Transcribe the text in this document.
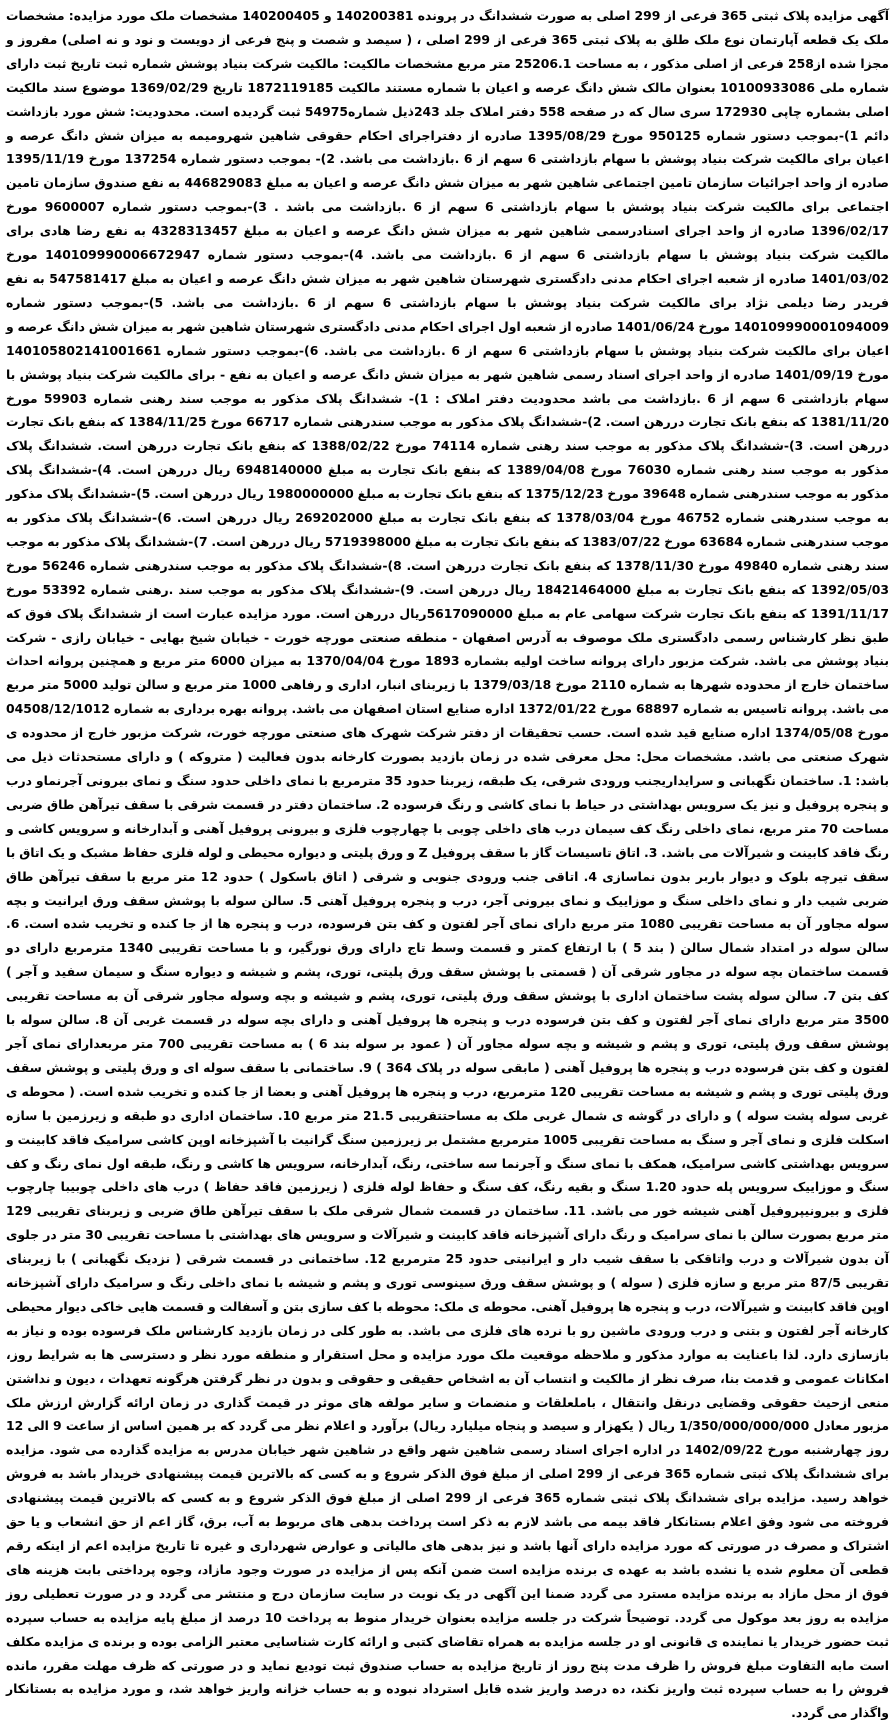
آگهی مزایده پلاک ثبتی 365 فرعی از 299 اصلی به صورت ششدانگ در پرونده 140200381 و 140200405 مشخصات ملک مورد مزایده: مشخصات ملک یک قطعه آپارتمان نوع ملک طلق به پلاک ثبتی 365 فرعی از 299 اصلی ، ( سیصد و شصت و پنج فرعی از دویست و نود و نه اصلی) مفروز و مجزا شده از258 فرعی از اصلی مذکور ، به مساحت 25206.1 متر مربع مشخصات مالکیت: مالکیت شرکت بنیاد پوشش شماره ثبت تاریخ ثبت دارای شماره ملی 10100933086 بعنوان مالک شش دانگ عرصه و اعیان با شماره مستند مالکیت 1872119185 تاریخ 1369/02/29 موضوع سند مالکیت اصلی بشماره چاپی 172930 سری سال که در صفحه 558 دفتر املاک جلد 243ذیل شماره54975 ثبت گردیده است. محدودیت: شش مورد بازداشت دائم 1)-بموجب دستور شماره 950125 مورخ 1395/08/29 صادره از دفتراجرای احکام حقوقی شاهین شهرومیمه به میزان شش دانگ عرصه و اعیان برای مالکیت شرکت بنیاد پوشش با سهام بازداشتی 6 سهم از 6 .بازداشت می باشد. 2)- بموجب دستور شماره 137254 مورخ 1395/11/19 صادره از واحد اجرائیات سازمان تامین اجتماعی شاهین شهر به میزان شش دانگ عرصه و اعیان به مبلغ 446829083 به نفع صندوق سازمان تامین اجتماعی برای مالکیت شرکت بنیاد پوشش با سهام بازداشتی 6 سهم از 6 .بازداشت می باشد . 3)-بموجب دستور شماره 9600007 مورخ 1396/02/17 صادره از واحد اجرای اسنادرسمی شاهین شهر به میزان شش دانگ عرصه و اعیان به مبلغ 4328313457 به نفع رضا هادی برای مالکیت شرکت بنیاد پوشش با سهام بازداشتی 6 سهم از 6 .بازداشت می باشد. 4)-بموجب دستور شماره 140109990006672947 مورخ 1401/03/02 صادره از شعبه اجرای احکام مدنی دادگستری شهرستان شاهین شهر به میزان شش دانگ عرصه و اعیان به مبلغ 547581417 به نفع فریدر رضا دیلمی نژاد برای مالکیت شرکت بنیاد پوشش با سهام بازداشتی 6 سهم از 6 .بازداشت می باشد. 5)-بموجب دستور شماره 140109990001094009 مورخ 1401/06/24 صادره از شعبه اول اجرای احکام مدنی دادگستری شهرستان شاهین شهر به میزان شش دانگ عرصه و اعیان برای مالکیت شرکت بنیاد پوشش با سهام بازداشتی 6 سهم از 6 .بازداشت می باشد. 6)-بموجب دستور شماره 140105802141001661 مورخ 1401/09/19 صادره از واحد اجرای اسناد رسمی شاهین شهر به میزان شش دانگ عرصه و اعیان به نفع - برای مالکیت شرکت بنیاد پوشش با سهام بازداشتی 6 سهم از 6 .بازداشت می باشد محدودیت دفتر املاک : 1)- ششدانگ پلاک مذکور به موجب سند رهنی شماره 59903 مورخ 1381/11/20 که بنفع بانک تجارت دررهن است. 2)-ششدانگ پلاک مذکور به موجب سندرهنی شماره 66717 مورخ 1384/11/25 که بنفع بانک تجارت دررهن است. 3)-ششدانگ پلاک مذکور به موجب سند رهنی شماره 74114 مورخ 1388/02/22 که بنفع بانک تجارت دررهن است. ششدانگ پلاک مذکور به موجب سند رهنی شماره 76030 مورخ 1389/04/08 که بنفع بانک تجارت به مبلغ 6948140000 ریال دررهن است. 4)-ششدانگ پلاک مذکور به موجب سندرهنی شماره 39648 مورخ 1375/12/23 که بنفع بانک تجارت به مبلغ 1980000000 ریال دررهن است. 5)-ششدانگ پلاک مذکور به موجب سندرهنی شماره 46752 مورخ 1378/03/04 که بنفع بانک تجارت به مبلغ 269202000 ریال دررهن است. 6)-ششدانگ پلاک مذکور به موجب سندرهنی شماره 63684 مورخ 1383/07/22 که بنفع بانک تجارت به مبلغ 5719398000 ریال دررهن است. 7)-ششدانگ پلاک مذکور به موجب سند رهنی شماره 49840 مورخ 1378/11/30 که بنفع بانک تجارت دررهن است. 8)-ششدانگ پلاک مذکور به موجب سندرهنی شماره 56246 مورخ 1392/05/03 که بنفع بانک تجارت به مبلغ 18421464000 ریال دررهن است. 9)-ششدانگ پلاک مذکور به موجب سند .رهنی شماره 53392 مورخ 1391/11/17 که بنفع بانک تجارت شرکت سهامی عام به مبلغ 5617090000ریال دررهن است. مورد مزایده عبارت است از ششدانگ پلاک فوق که طبق نظر کارشناس رسمی دادگستری ملک موصوف به آدرس اصفهان - منطقه صنعتی مورچه خورت - خیابان شیخ بهایی - خیابان رازی - شرکت بنیاد پوشش می باشد. شرکت مزبور دارای پروانه ساخت اولیه بشماره 1893 مورخ 1370/04/04 به میزان 6000 متر مربع و همچنین پروانه احداث ساختمان خارج از محدوده شهرها به شماره 2110 مورخ 1379/03/18 با زیربنای انبار، اداری و رفاهی 1000 متر مربع و سالن تولید 5000 متر مربع می باشد. پروانه تاسیس به شماره 68897 مورخ 1372/01/22 اداره صنایع استان اصفهان می باشد. پروانه بهره برداری به شماره 04508/12/1012 مورخ 1374/05/08 اداره صنایع قید شده است. حسب تحقیقات از دفتر شرکت شهرک های صنعتی مورچه خورت، شرکت مزبور خارج از محدوده ی شهرک صنعتی می باشد. مشخصات محل: محل معرفی شده در زمان بازدید بصورت کارخانه بدون فعالیت ( متروکه ) و دارای مستحدثات ذیل می باشد: 1. ساختمان نگهبانی و سرایداریجنب ورودی شرقی، یک طبقه، زیربنا حدود 35 مترمربع با نمای داخلی حدود سنگ و نمای بیرونی آجرنماو درب و پنجره پروفیل و نیز یک سرویس بهداشتی در حیاط با نمای کاشی و رنگ فرسوده 2. ساختمان دفتر در قسمت شرقی با سقف تیرآهن طاق ضربی مساحت 70 متر مربع، نمای داخلی رنگ کف سیمان درب های داخلی چوبی با چهارچوب فلزی و بیرونی پروفیل آهنی و آبدارخانه و سرویس کاشی و رنگ فاقد کابینت و شیرآلات می باشد. 3. اتاق تاسیسات گاز با سقف پروفیل Z و ورق پلیتی و دیواره محیطی و لوله فلزی حفاظ مشبک و یک اتاق با سقف تیرچه بلوک و دیوار باربر بدون نماسازی 4. اتاقی جنب ورودی جنوبی و شرقی ( اتاق باسکول ) حدود 12 متر مربع با سقف تیرآهن طاق ضربی شیب دار و نمای داخلی سنگ و موزاییک و نمای بیرونی آجر، درب و پنجره پروفیل آهنی 5. سالن سوله با پوشش سقف ورق ایرانیت و بچه سوله مجاور آن به مساحت تقریبی 1080 متر مربع دارای نمای آجر لفتون و کف بتن فرسوده، درب و پنجره ها از جا کنده و تخریب شده است. 6. سالن سوله در امتداد شمال سالن ( بند 5 ) با ارتفاع کمتر و قسمت وسط تاج دارای ورق نورگیر، و با مساحت تقریبی 1340 مترمربع دارای دو قسمت ساختمان بچه سوله در مجاور شرقی آن ( قسمتی با پوشش سقف ورق پلیتی، توری، پشم و شیشه و دیواره سنگ و سیمان سفید و آجر ) کف بتن 7. سالن سوله پشت ساختمان اداری با پوشش سقف ورق پلیتی، توری، پشم و شیشه و بچه وسوله مجاور شرقی آن به مساحت تقریبی 3500 متر مربع دارای نمای آجر لفتون و کف بتن فرسوده درب و پنجره ها پروفیل آهنی و دارای بچه سوله در قسمت غربی آن 8. سالن سوله با پوشش سقف ورق پلیتی، توری و پشم و شیشه و بچه سوله مجاور آن ( عمود بر سوله بند 6 ) به مساحت تقریبی 700 متر مربعدارای نمای آجر لفتون و کف بتن فرسوده درب و پنجره ها پروفیل آهنی ( مابقی سوله در پلاک 364 ) 9. ساختمانی با سقف سوله ای و ورق پلیتی و پوشش سقف ورق پلیتی توری و پشم و شیشه به مساحت تقریبی 120 مترمربع، درب و پنجره ها پروفیل آهنی و بعضا از جا کنده و تخریب شده است. ( محوطه ی غربی سوله پشت سوله ) و دارای در گوشه ی شمال غربی ملک به مساحتتقریبی 21.5 متر مربع 10. ساختمان اداری دو طبقه و زیرزمین با سازه اسکلت فلزی و نمای آجر و سنگ به مساحت تقریبی 1005 مترمربع مشتمل بر زیرزمین سنگ گرانیت با آشپزخانه اوپن کاشی سرامیک فاقد کابینت و سرویس بهداشتی کاشی سرامیک، همکف با نمای سنگ و آجرنما سه ساختی، رنگ، آبدارخانه، سرویس ها کاشی و رنگ، طبقه اول نمای رنگ و کف سنگ و موزاییک سرویس پله حدود 1.20 سنگ و بقیه رنگ، کف سنگ و حفاظ لوله فلزی ( زیرزمین فاقد حفاظ ) درب های داخلی چوبیبا چارچوب فلزی و بیرونیپروفیل آهنی شیشه خور می باشد. 11. ساختمان در قسمت شمال شرقی ملک با سقف تیرآهن طاق ضربی و زیربنای تقریبی 129 متر مربع بصورت سالن با نمای سرامیک و رنگ دارای آشپزخانه فاقد کابینت و شیرآلات و سرویس های بهداشتی با مساحت تقریبی 30 متر در جلوی آن بدون شیرآلات و درب واتاقکی با سقف شیب دار و ایرانیتی حدود 25 مترمربع 12. ساختمانی در قسمت شرقی ( نزدیک نگهبانی ) با زیربنای تقریبی 87/5 متر مربع و سازه فلزی ( سوله ) و پوشش سقف ورق سینوسی توری و پشم و شیشه با نمای داخلی رنگ و سرامیک دارای آشپزخانه اوپن فاقد کابینت و شیرآلات، درب و پنجره ها پروفیل آهنی. محوطه ی ملک: محوطه با کف سازی بتن و آسفالت و قسمت هایی خاکی دیوار محیطی کارخانه آجر لفتون و بتنی و درب ورودی ماشین رو با نرده های فلزی می باشد. به طور کلی در زمان بازدید کارشناس ملک فرسوده بوده و نیاز به بازسازی دارد. لذا باعنایت به موارد مذکور و ملاحظه موقعیت ملک مورد مزایده و محل استقرار و منطقه مورد نظر و دسترسی ها به شرایط روز، امکانات عمومی و قدمت بنا، صرف نظر از مالکیت و انتساب آن به اشخاص حقیقی و حقوقی و بدون در نظر گرفتن هرگونه تعهدات ، دیون و نداشتن منعی ازحیث حقوقی وقضایی درنقل وانتقال ، باملعلقات و منضمات و سایر مولفه های موثر در قیمت گذاری در زمان ارائه گزارش ارزش ملک مزبور معادل 1/350/000/000/000 ریال ( یکهزار و سیصد و پنجاه میلیارد ریال) برآورد و اعلام نظر می گردد که بر همین اساس از ساعت 9 الی 12 روز چهارشنبه مورخ 1402/09/22 در اداره اجرای اسناد رسمی شاهین شهر واقع در شاهین شهر خیابان مدرس به مزایده گذارده می شود. مزایده برای ششدانگ پلاک ثبتی شماره 365 فرعی از 299 اصلی از مبلغ فوق الذکر شروع و به کسی که بالاترین قیمت پیشنهادی خریدار باشد به فروش خواهد رسید. مزایده برای ششدانگ پلاک ثبتی شماره 365 فرعی از 299 اصلی از مبلغ فوق الذکر شروع و به کسی که بالاترین قیمت پیشنهادی فروخته می شود وفق اعلام بستانکار فاقد بیمه می باشد لازم به ذکر است پرداخت بدهی های مربوط به آب، برق، گاز اعم از حق انشعاب و یا حق اشتراک و مصرف در صورتی که مورد مزایده دارای آنها باشد و نیز بدهی های مالیاتی و عوارض شهرداری و غیره تا تاریخ مزایده اعم از اینکه رقم قطعی آن معلوم شده یا نشده باشد به عهده ی برنده مزایده است ضمن آنکه پس از مزایده در صورت وجود مازاد، وجوه پرداختی بابت هزینه های فوق از محل مازاد به برنده مزایده مسترد می گردد ضمنا این آگهی در یک نوبت در سایت سازمان درج و منتشر می گردد و در صورت تعطیلی روز مزایده به روز بعد موکول می گردد. توضیحاً شرکت در جلسه مزایده بعنوان خریدار منوط به پرداخت 10 درصد از مبلغ پایه مزایده به حساب سپرده ثبت حضور خریدار یا نماینده ی قانونی او در جلسه مزایده به همراه تقاضای کتبی و ارائه کارت شناسایی معتبر الزامی بوده و برنده ی مزایده مکلف است مابه التفاوت مبلغ فروش را ظرف مدت پنج روز از تاریخ مزایده به حساب صندوق ثبت تودیع نماید و در صورتی که ظرف مهلت مقرر، مانده فروش را به حساب سپرده ثبت واریز نکند، ده درصد واریز شده قابل استرداد نبوده و به حساب خزانه واریز خواهد شد، و مورد مزایده به بستانکار واگذار می گردد.
